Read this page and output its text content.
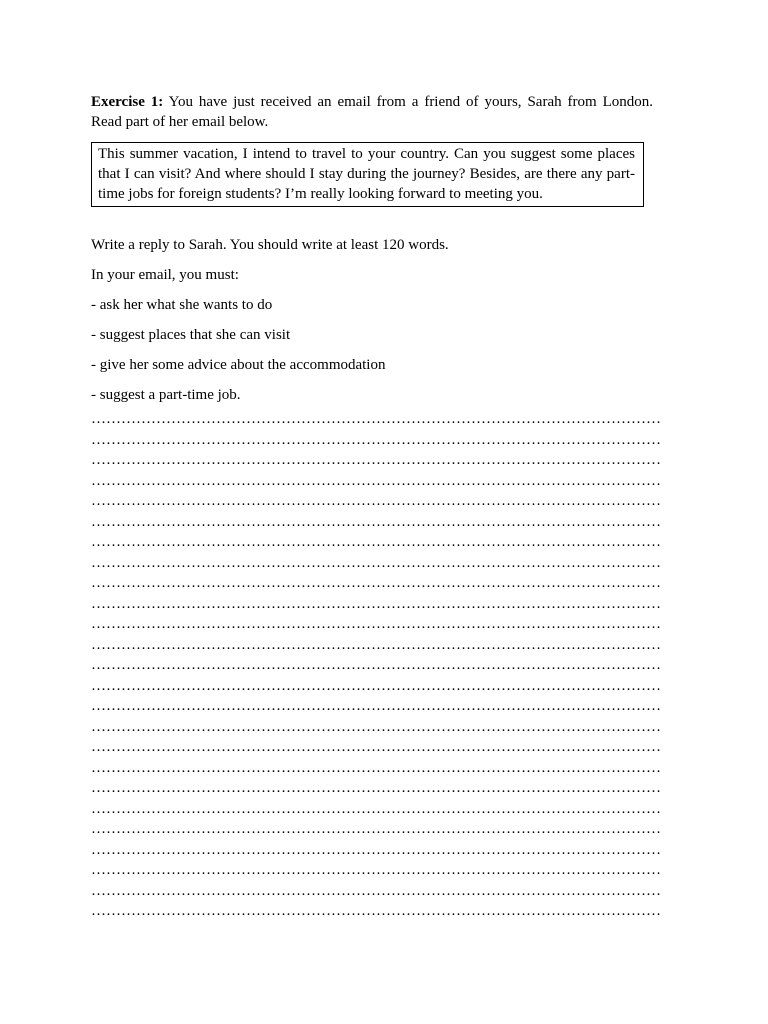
Exercise 1: You have just received an email from a friend of yours, Sarah from London. Read part of her email below.

This summer vacation, I intend to travel to your country. Can you suggest some places that I can visit? And where should I stay during the journey? Besides, are there any part-time jobs for foreign students? I’m really looking forward to meeting you.

Write a reply to Sarah. You should write at least 120 words.

In your email, you must:

- ask her what she wants to do
- suggest places that she can visit
- give her some advice about the accommodation
- suggest a part-time job.
……………………………………………………………………………………………………
……………………………………………………………………………………………………
……………………………………………………………………………………………………
……………………………………………………………………………………………………
……………………………………………………………………………………………………
……………………………………………………………………………………………………
……………………………………………………………………………………………………
……………………………………………………………………………………………………
……………………………………………………………………………………………………
……………………………………………………………………………………………………
……………………………………………………………………………………………………
……………………………………………………………………………………………………
……………………………………………………………………………………………………
……………………………………………………………………………………………………
……………………………………………………………………………………………………
……………………………………………………………………………………………………
……………………………………………………………………………………………………
……………………………………………………………………………………………………
……………………………………………………………………………………………………
……………………………………………………………………………………………………
……………………………………………………………………………………………………
……………………………………………………………………………………………………
……………………………………………………………………………………………………
……………………………………………………………………………………………………
……………………………………………………………………………………………………
